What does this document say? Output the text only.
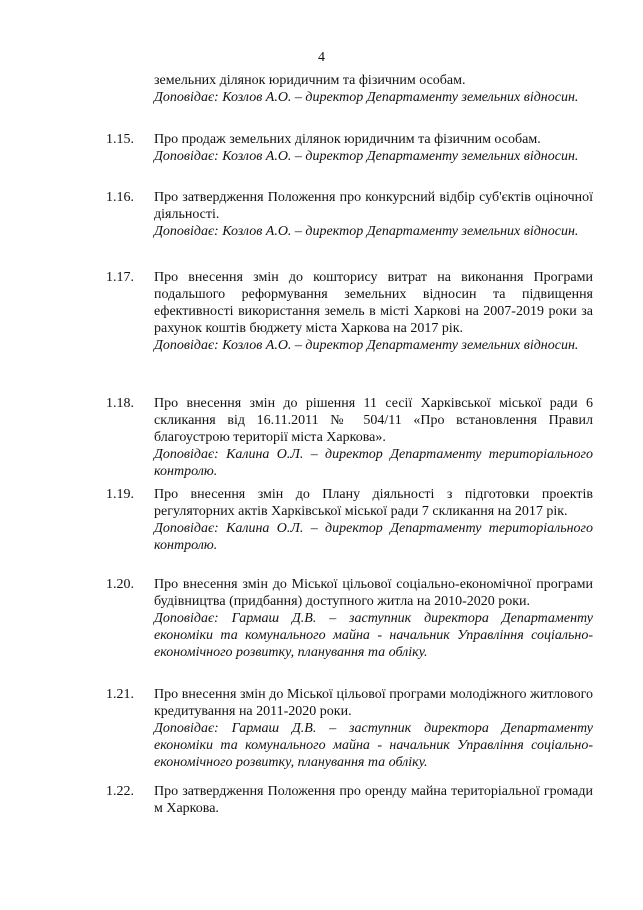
4
земельних ділянок юридичним та фізичним особам.
Доповідає: Козлов А.О. – директор Департаменту земельних відносин.
1.15.	Про продаж земельних ділянок юридичним та фізичним особам.
Доповідає: Козлов А.О. – директор Департаменту земельних відносин.
1.16.	Про затвердження Положення про конкурсний відбір суб'єктів оціночної діяльності.
Доповідає: Козлов А.О. – директор Департаменту земельних відносин.
1.17.	Про внесення змін до кошторису витрат на виконання Програми подальшого реформування земельних відносин та підвищення ефективності використання земель в місті Харкові на 2007-2019 роки за рахунок коштів бюджету міста Харкова на 2017 рік.
Доповідає: Козлов А.О. – директор Департаменту земельних відносин.
1.18.	Про внесення змін до рішення 11 сесії Харківської міської ради 6 скликання від 16.11.2011 № 504/11 «Про встановлення Правил благоустрою території міста Харкова».
Доповідає: Калина О.Л. – директор Департаменту територіального контролю.
1.19.	Про внесення змін до Плану діяльності з підготовки проектів регуляторних актів Харківської міської ради 7 скликання на 2017 рік.
Доповідає: Калина О.Л. – директор Департаменту територіального контролю.
1.20.	Про внесення змін до Міської цільової соціально-економічної програми будівництва (придбання) доступного житла на 2010-2020 роки.
Доповідає: Гармаш Д.В. – заступник директора Департаменту економіки та комунального майна - начальник Управління соціально-економічного розвитку, планування та обліку.
1.21.	Про внесення змін до Міської цільової програми молодіжного житлового кредитування на 2011-2020 роки.
Доповідає: Гармаш Д.В. – заступник директора Департаменту економіки та комунального майна - начальник Управління соціально-економічного розвитку, планування та обліку.
1.22.	Про затвердження Положення про оренду майна територіальної громади м Харкова.
